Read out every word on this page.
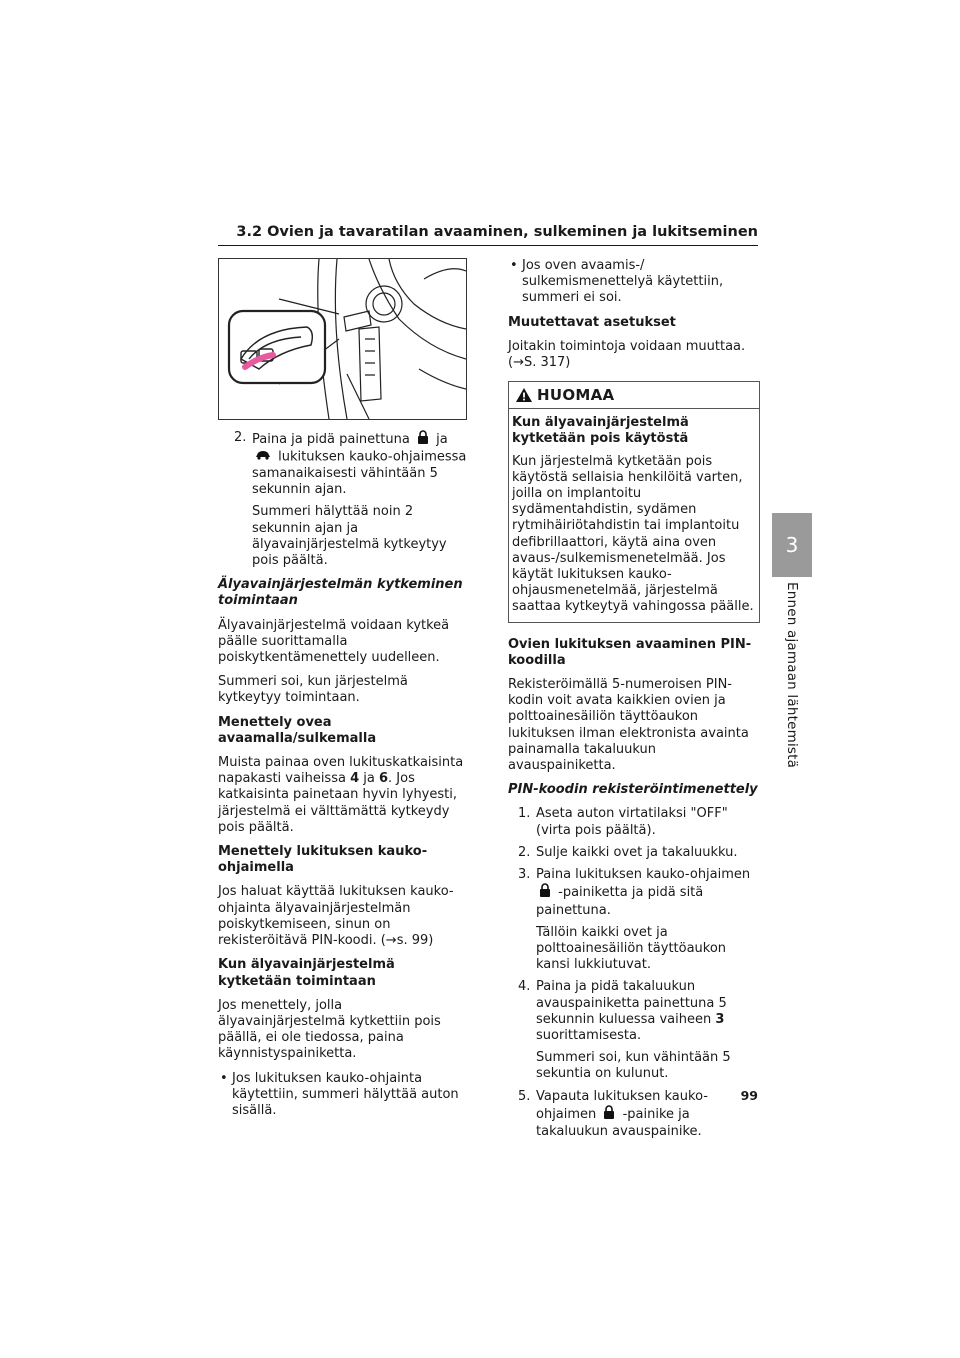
3.2 Ovien ja tavaratilan avaaminen, sulkeminen ja lukitseminen
3
Ennen ajamaan lähtemistä
2. Paina ja pidä painettuna ja  lukituksen kauko-ohjaimessa samanaikaisesti vähintään 5 sekunnin ajan.

Summeri hälyttää noin 2 sekunnin ajan ja älyavainjärjestelmä kytkeytyy pois päältä.

Älyavainjärjestelmän kytkeminen toimintaan

Älyavainjärjestelmä voidaan kytkeä päälle suorittamalla poiskytkentämenettely uudelleen.

Summeri soi, kun järjestelmä kytkeytyy toimintaan.

Menettely ovea avaamalla/sulkemalla

Muista painaa oven lukituskatkaisinta napakasti vaiheissa 4 ja 6. Jos katkaisinta painetaan hyvin lyhyesti, järjestelmä ei välttämättä kytkeydy pois päältä.

Menettely lukituksen kauko-ohjaimella

Jos haluat käyttää lukituksen kauko-ohjainta älyavainjärjestelmän poiskytkemiseen, sinun on rekisteröitävä PIN-koodi. (→s. 99)

Kun älyavainjärjestelmä kytketään toimintaan

Jos menettely, jolla älyavainjärjestelmä kytkettiin pois päällä, ei ole tiedossa, paina käynnistyspainiketta.

• Jos lukituksen kauko-ohjainta käytettiin, summeri hälyttää auton sisällä.
• Jos oven avaamis-/ sulkemismenettelyä käytettiin, summeri ei soi.

Muutettavat asetukset

Joitakin toimintoja voidaan muuttaa. (→S. 317)

HUOMAA

Kun älyavainjärjestelmä kytketään pois käytöstä

Kun järjestelmä kytketään pois käytöstä sellaisia henkilöitä varten, joilla on implantoitu sydämentahdistin, sydämen rytmihäiriötahdistin tai implantoitu defibrillaattori, käytä aina oven avaus-/sulkemismenetelmää. Jos käytät lukituksen kauko-ohjausmenetelmää, järjestelmä saattaa kytkeytyä vahingossa päälle.

Ovien lukituksen avaaminen PIN-koodilla

Rekisteröimällä 5-numeroisen PIN-kodin voit avata kaikkien ovien ja polttoainesäiliön täyttöaukon lukituksen ilman elektronista avainta painamalla takaluukun avauspainiketta.

PIN-koodin rekisteröintimenettely

1. Aseta auton virtatilaksi "OFF" (virta pois päältä).
2. Sulje kaikki ovet ja takaluukku.
3. Paina lukituksen kauko-ohjaimen  -painiketta ja pidä sitä painettuna.

Tällöin kaikki ovet ja polttoainesäiliön täyttöaukon kansi lukkiutuvat.

4. Paina ja pidä takaluukun avauspainiketta painettuna 5 sekunnin kuluessa vaiheen 3 suorittamisesta.

Summeri soi, kun vähintään 5 sekuntia on kulunut.

5. Vapauta lukituksen kauko-ohjaimen -painike ja takaluukun avauspainike.
99
